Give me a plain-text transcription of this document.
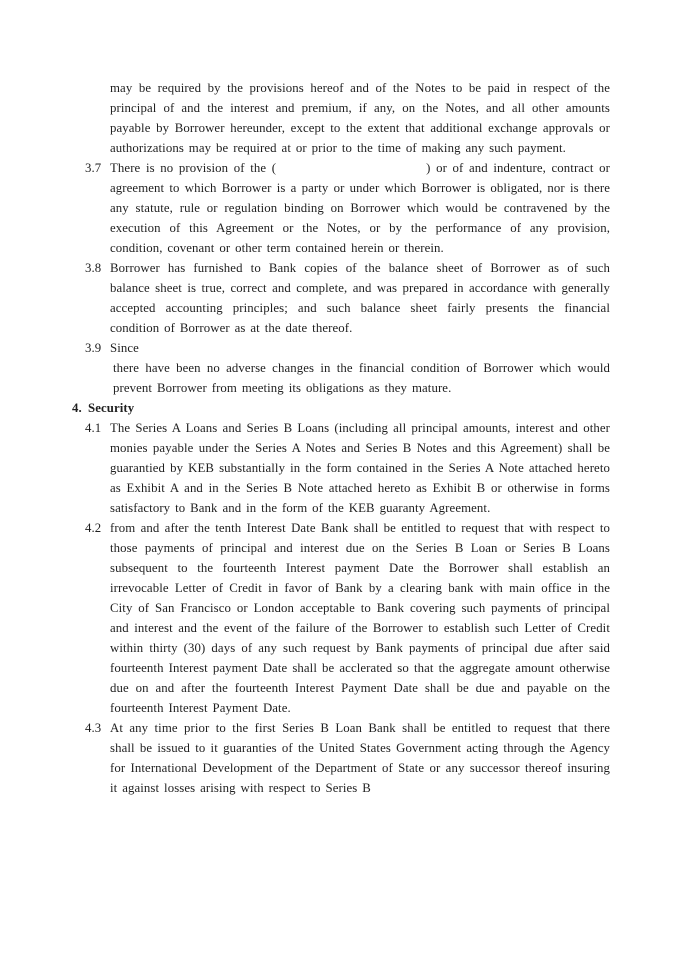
may be required by the provisions hereof and of the Notes to be paid in respect of the principal of and the interest and premium, if any, on the Notes, and all other amounts payable by Borrower hereunder, except to the extent that additional exchange approvals or authorizations may be required at or prior to the time of making any such payment.

3.7 There is no provision of the (	) or of and indenture, contract or agreement to which Borrower is a party or under which Borrower is obligated, nor is there any statute, rule or regulation binding on Borrower which would be contravened by the execution of this Agreement or the Notes, or by the performance of any provision, condition, covenant or other term contained herein or therein.

3.8 Borrower has furnished to Bank copies of the balance sheet of Borrower as of such balance sheet is true, correct and complete, and was prepared in accordance with generally accepted accounting principles; and such balance sheet fairly presents the financial condition of Borrower as at the date thereof.

3.9 Since

there have been no adverse changes in the financial condition of Borrower which would prevent Borrower from meeting its obligations as they mature.

4. Security

4.1 The Series A Loans and Series B Loans (including all principal amounts, interest and other monies payable under the Series A Notes and Series B Notes and this Agreement) shall be guarantied by KEB substantially in the form contained in the Series A Note attached hereto as Exhibit A and in the Series B Note attached hereto as Exhibit B or otherwise in forms satisfactory to Bank and in the form of the KEB guaranty Agreement.

4.2 from and after the tenth Interest Date Bank shall be entitled to request that with respect to those payments of principal and interest due on the Series B Loan or Series B Loans subsequent to the fourteenth Interest payment Date the Borrower shall establish an irrevocable Letter of Credit in favor of Bank by a clearing bank with main office in the City of San Francisco or London acceptable to Bank covering such payments of principal and interest and the event of the failure of the Borrower to establish such Letter of Credit within thirty (30) days of any such request by Bank payments of principal due after said fourteenth Interest payment Date shall be acclerated so that the aggregate amount otherwise due on and after the fourteenth Interest Payment Date shall be due and payable on the fourteenth Interest Payment Date.

4.3 At any time prior to the first Series B Loan Bank shall be entitled to request that there shall be issued to it guaranties of the United States Government acting through the Agency for International Development of the Department of State or any successor thereof insuring it against losses arising with respect to Series B
